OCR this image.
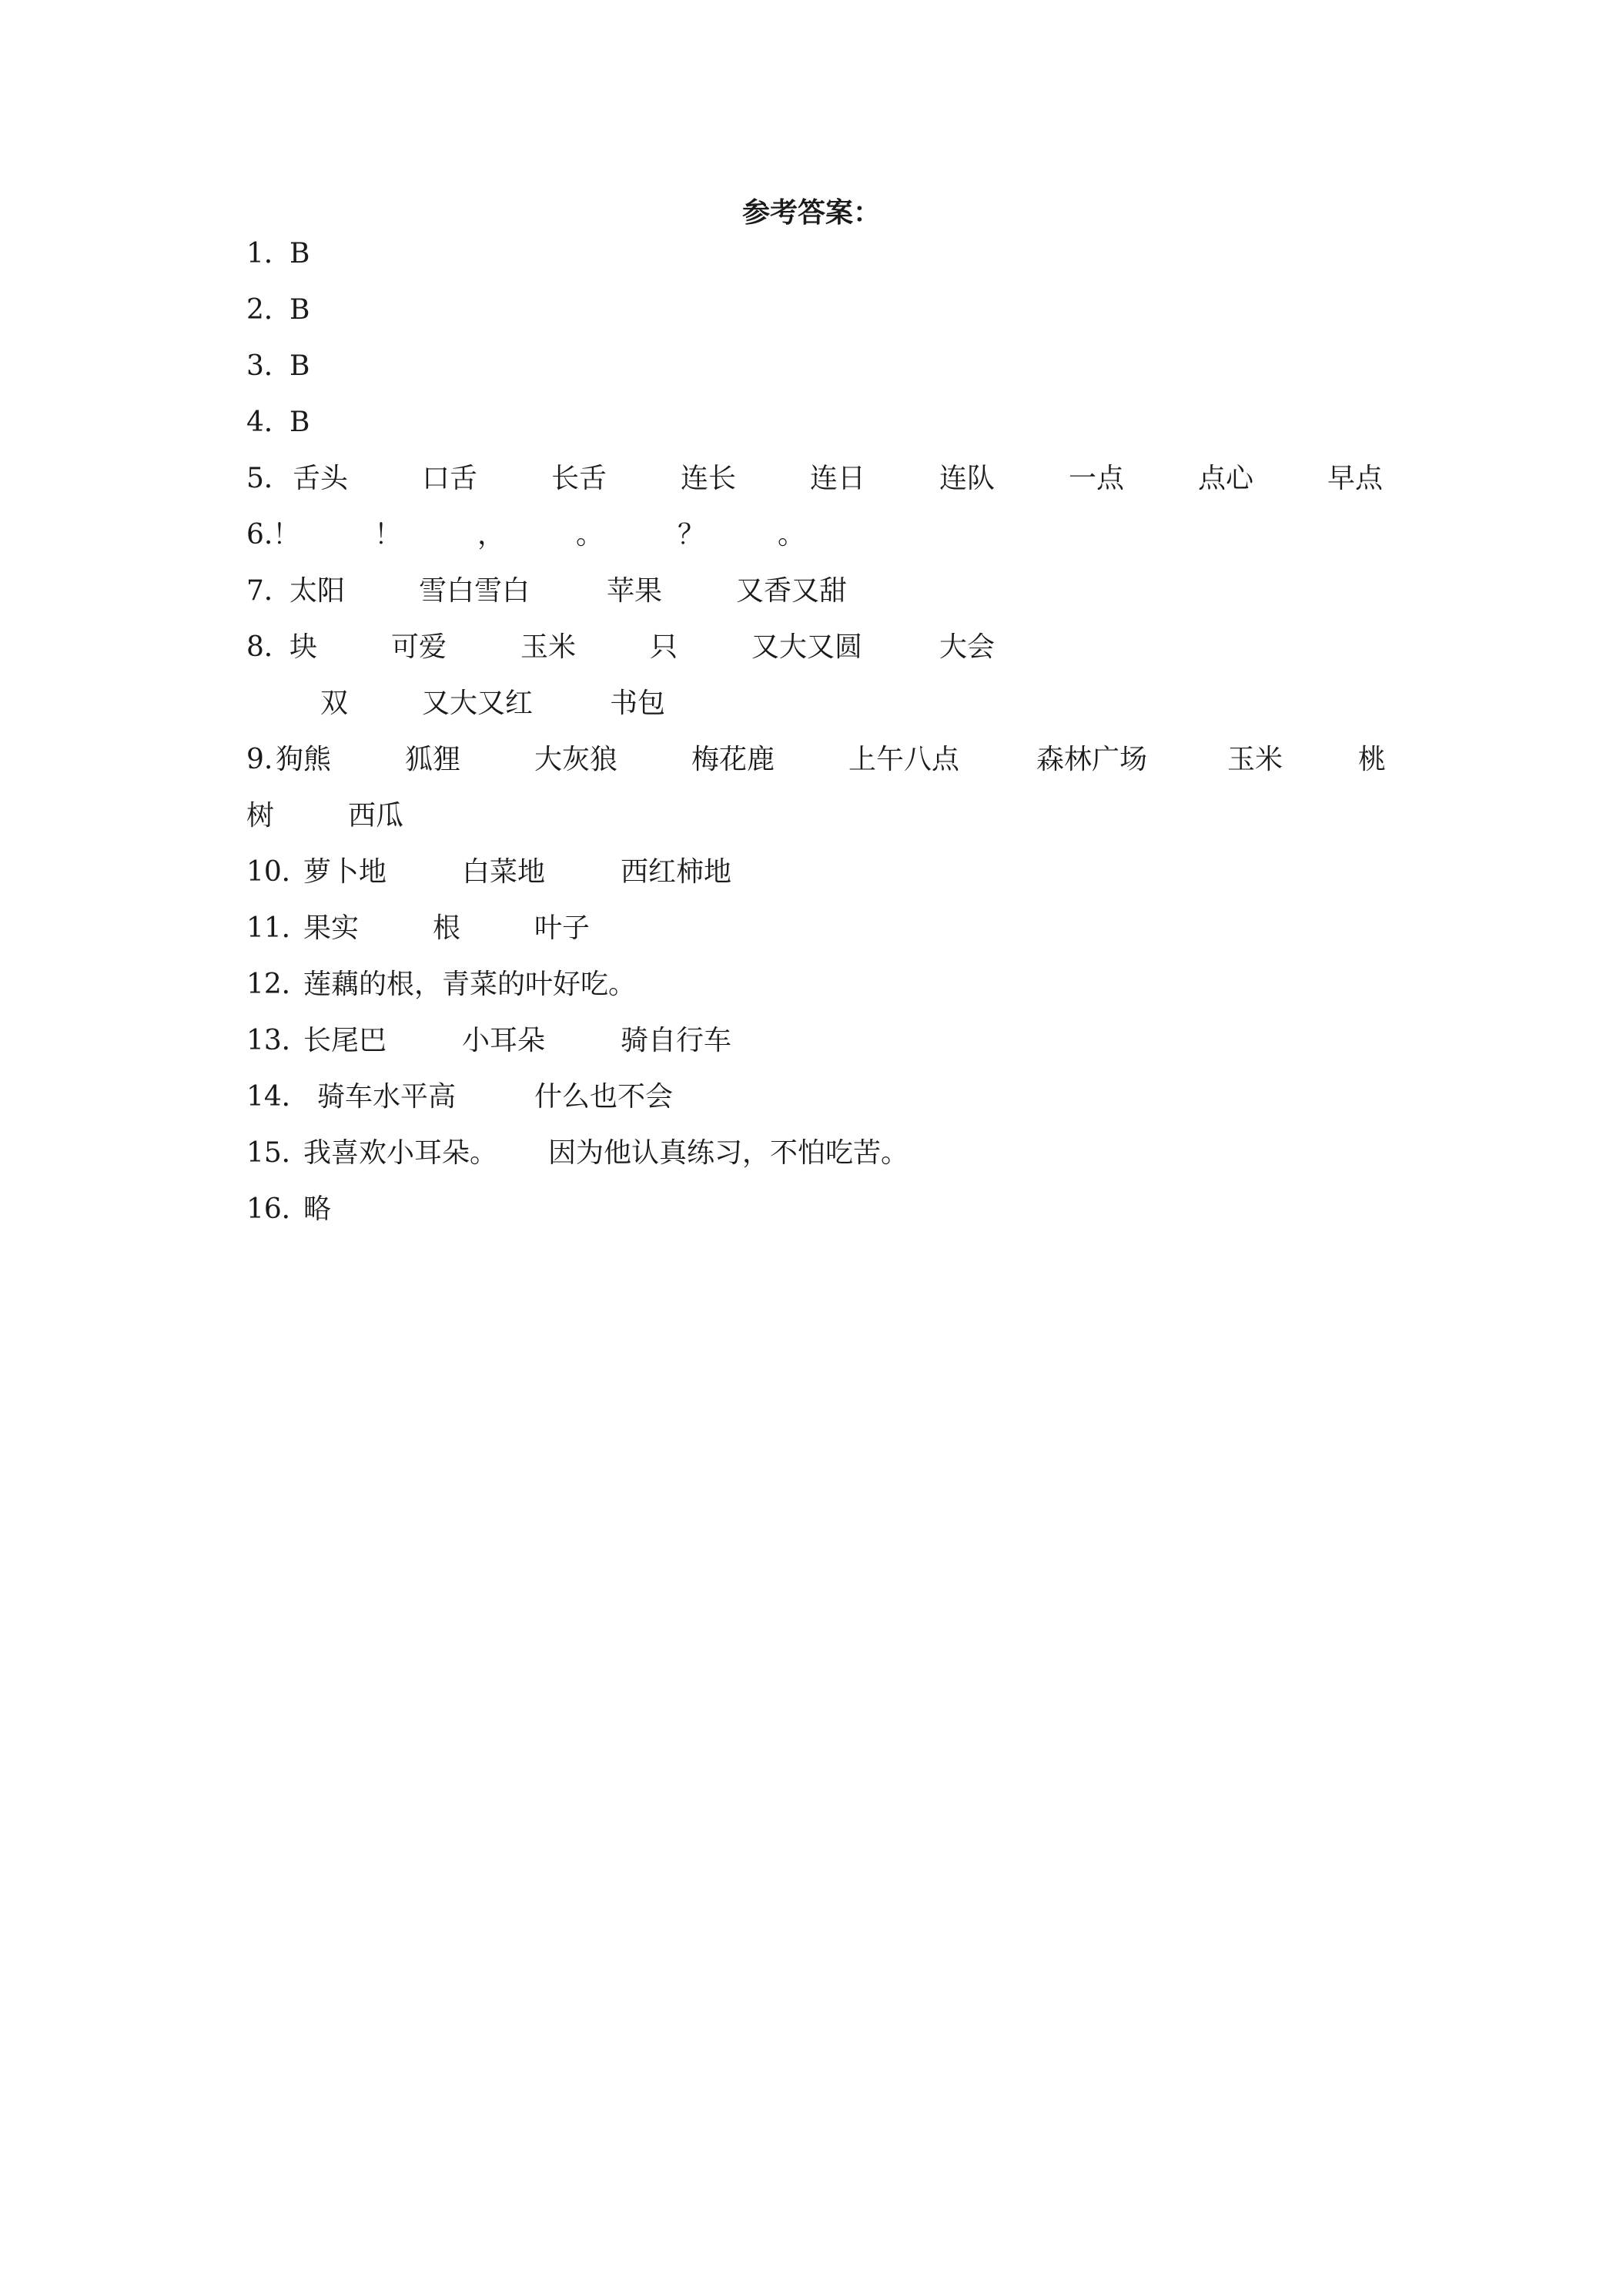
参考答案：
1．
B
2．
B
3．
B
4．
B
5． 舌头	口舌	长舌	连长	连日	连队	一点	点心	早点
6. ！	！	，	。	？	。
7．
太阳	雪白雪白	苹果	又香又甜
8．
块	可爱	玉米	只	又大又圆	大会
双	又大又红	书包
9. 狗熊	狐狸	大灰狼	梅花鹿	上午八点	森林广场	玉米	桃
树	西瓜
10．
萝卜地	白菜地	西红柿地
11．
果实	根	叶子
12．
莲藕的根，青菜的叶好吃。
13．
长尾巴	小耳朵	骑自行车
14． 骑车水平高	什么也不会
15．
我喜欢小耳朵。 因为他认真练习，不怕吃苦。
16．
略
